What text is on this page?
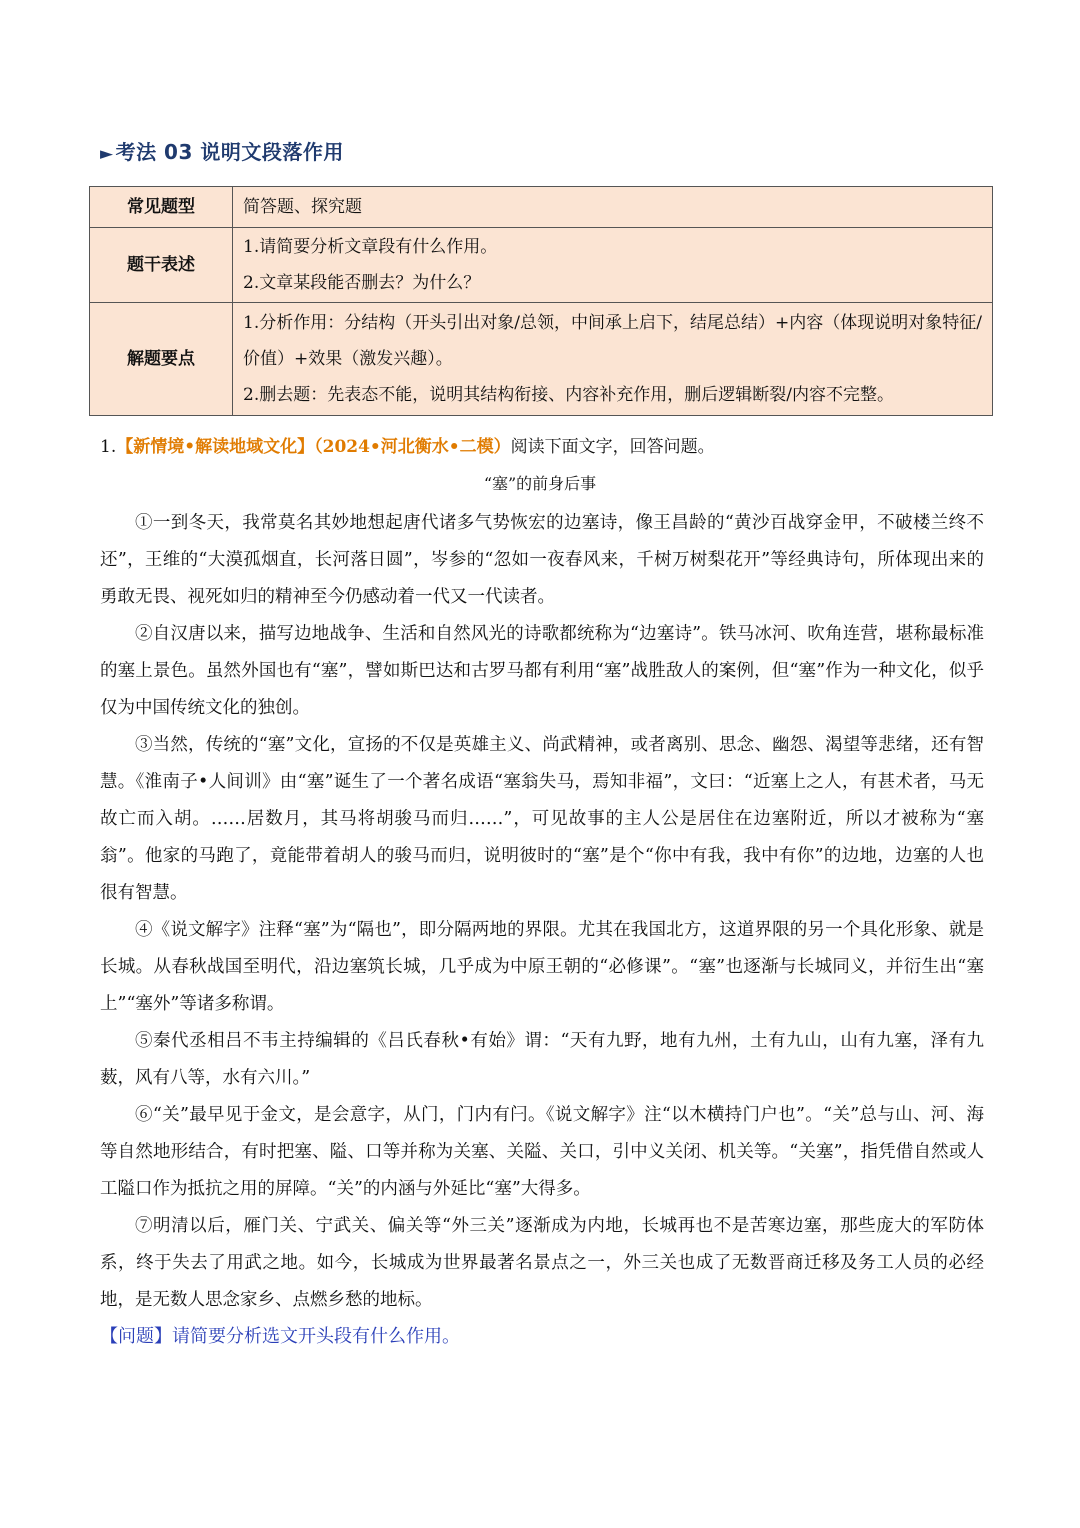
► 考法 03 说明文段落作用
常见题型	简答题、探究题

题干表述	1.请简要分析文章段有什么作用。

2.文章某段能否删去？为什么？

解题要点	1.分析作用：分结构（开头引出对象/总领，中间承上启下，结尾总结）+内容（体现说明对象特征/价值）+效果（激发兴趣）。

2.删去题：先表态不能，说明其结构衔接、内容补充作用，删后逻辑断裂/内容不完整。

1.【新情境•解读地域文化】（2024•河北衡水•二模）阅读下面文字，回答问题。
“塞”的前身后事

①一到冬天，我常莫名其妙地想起唐代诸多气势恢宏的边塞诗，像王昌龄的“黄沙百战穿金甲，不破楼兰终不还”，王维的“大漠孤烟直，长河落日圆”，岑参的“忽如一夜春风来，千树万树梨花开”等经典诗句，所体现出来的勇敢无畏、视死如归的精神至今仍感动着一代又一代读者。

②自汉唐以来，描写边地战争、生活和自然风光的诗歌都统称为“边塞诗”。铁马冰河、吹角连营，堪称最标准的塞上景色。虽然外国也有“塞”，譬如斯巴达和古罗马都有利用“塞”战胜敌人的案例，但“塞”作为一种文化，似乎仅为中国传统文化的独创。

③当然，传统的“塞”文化，宣扬的不仅是英雄主义、尚武精神，或者离别、思念、幽怨、渴望等悲绪，还有智慧。《淮南子•人间训》由“塞”诞生了一个著名成语“塞翁失马，焉知非福”，文曰：“近塞上之人，有甚术者，马无故亡而入胡。……居数月，其马将胡骏马而归……”，可见故事的主人公是居住在边塞附近，所以才被称为“塞翁”。他家的马跑了，竟能带着胡人的骏马而归，说明彼时的“塞”是个“你中有我，我中有你”的边地，边塞的人也很有智慧。

④《说文解字》注释“塞”为“隔也”，即分隔两地的界限。尤其在我国北方，这道界限的另一个具化形象、就是长城。从春秋战国至明代，沿边塞筑长城，几乎成为中原王朝的“必修课”。“塞”也逐渐与长城同义，并衍生出“塞上”“塞外”等诸多称谓。

⑤秦代丞相吕不韦主持编辑的《吕氏春秋•有始》谓：“天有九野，地有九州，土有九山，山有九塞，泽有九薮，风有八等，水有六川。”

⑥“关”最早见于金文，是会意字，从门，门内有闩。《说文解字》注“以木横持门户也”。“关”总与山、河、海等自然地形结合，有时把塞、隘、口等并称为关塞、关隘、关口，引中义关闭、机关等。“关塞”，指凭借自然或人工隘口作为抵抗之用的屏障。“关”的内涵与外延比“塞”大得多。

⑦明清以后，雁门关、宁武关、偏关等“外三关”逐渐成为内地，长城再也不是苦寒边塞，那些庞大的军防体系，终于失去了用武之地。如今，长城成为世界最著名景点之一，外三关也成了无数晋商迁移及务工人员的必经地，是无数人思念家乡、点燃乡愁的地标。

【问题】请简要分析选文开头段有什么作用。
